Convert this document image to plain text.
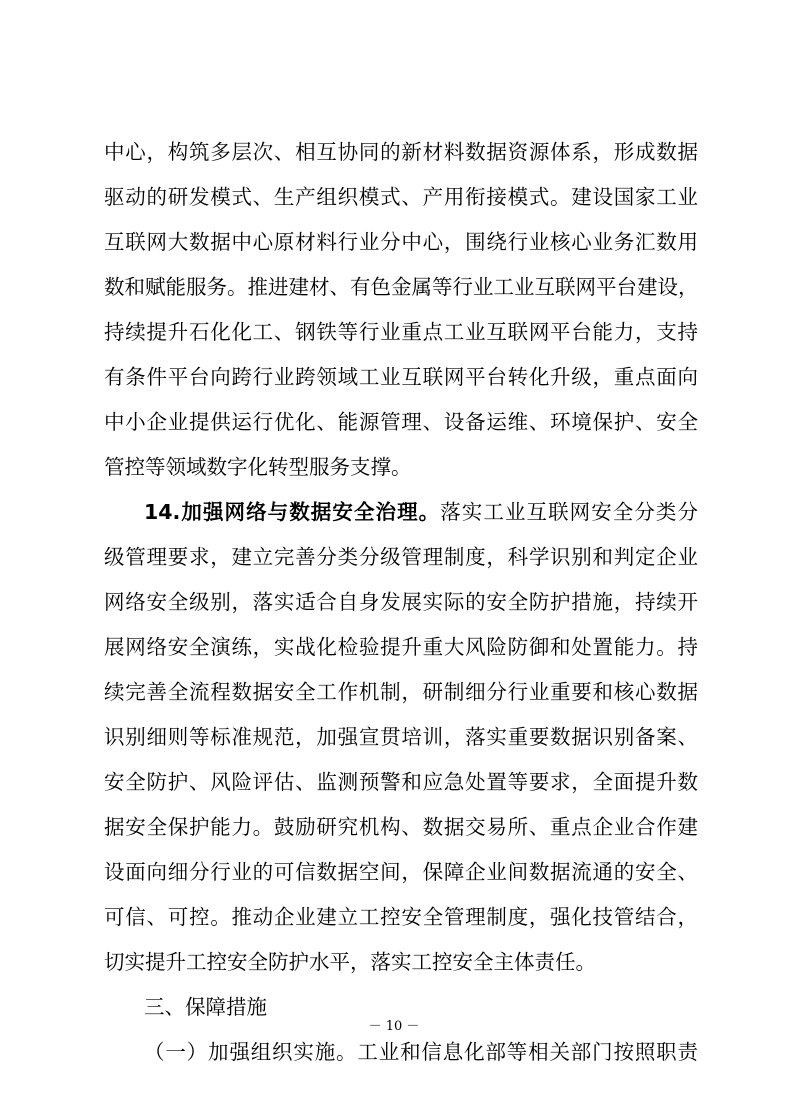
中心，构筑多层次、相互协同的新材料数据资源体系，形成数据
驱动的研发模式、生产组织模式、产用衔接模式。建设国家工业
互联网大数据中心原材料行业分中心，围绕行业核心业务汇数用
数和赋能服务。推进建材、有色金属等行业工业互联网平台建设，
持续提升石化化工、钢铁等行业重点工业互联网平台能力，支持
有条件平台向跨行业跨领域工业互联网平台转化升级，重点面向
中小企业提供运行优化、能源管理、设备运维、环境保护、安全
管控等领域数字化转型服务支撑。
14.加强网络与数据安全治理。落实工业互联网安全分类分
级管理要求，建立完善分类分级管理制度，科学识别和判定企业
网络安全级别，落实适合自身发展实际的安全防护措施，持续开
展网络安全演练，实战化检验提升重大风险防御和处置能力。持
续完善全流程数据安全工作机制，研制细分行业重要和核心数据
识别细则等标准规范，加强宣贯培训，落实重要数据识别备案、
安全防护、风险评估、监测预警和应急处置等要求，全面提升数
据安全保护能力。鼓励研究机构、数据交易所、重点企业合作建
设面向细分行业的可信数据空间，保障企业间数据流通的安全、
可信、可控。推动企业建立工控安全管理制度，强化技管结合，
切实提升工控安全防护水平，落实工控安全主体责任。
三、保障措施
（一）加强组织实施。工业和信息化部等相关部门按照职责
－ 10 －
